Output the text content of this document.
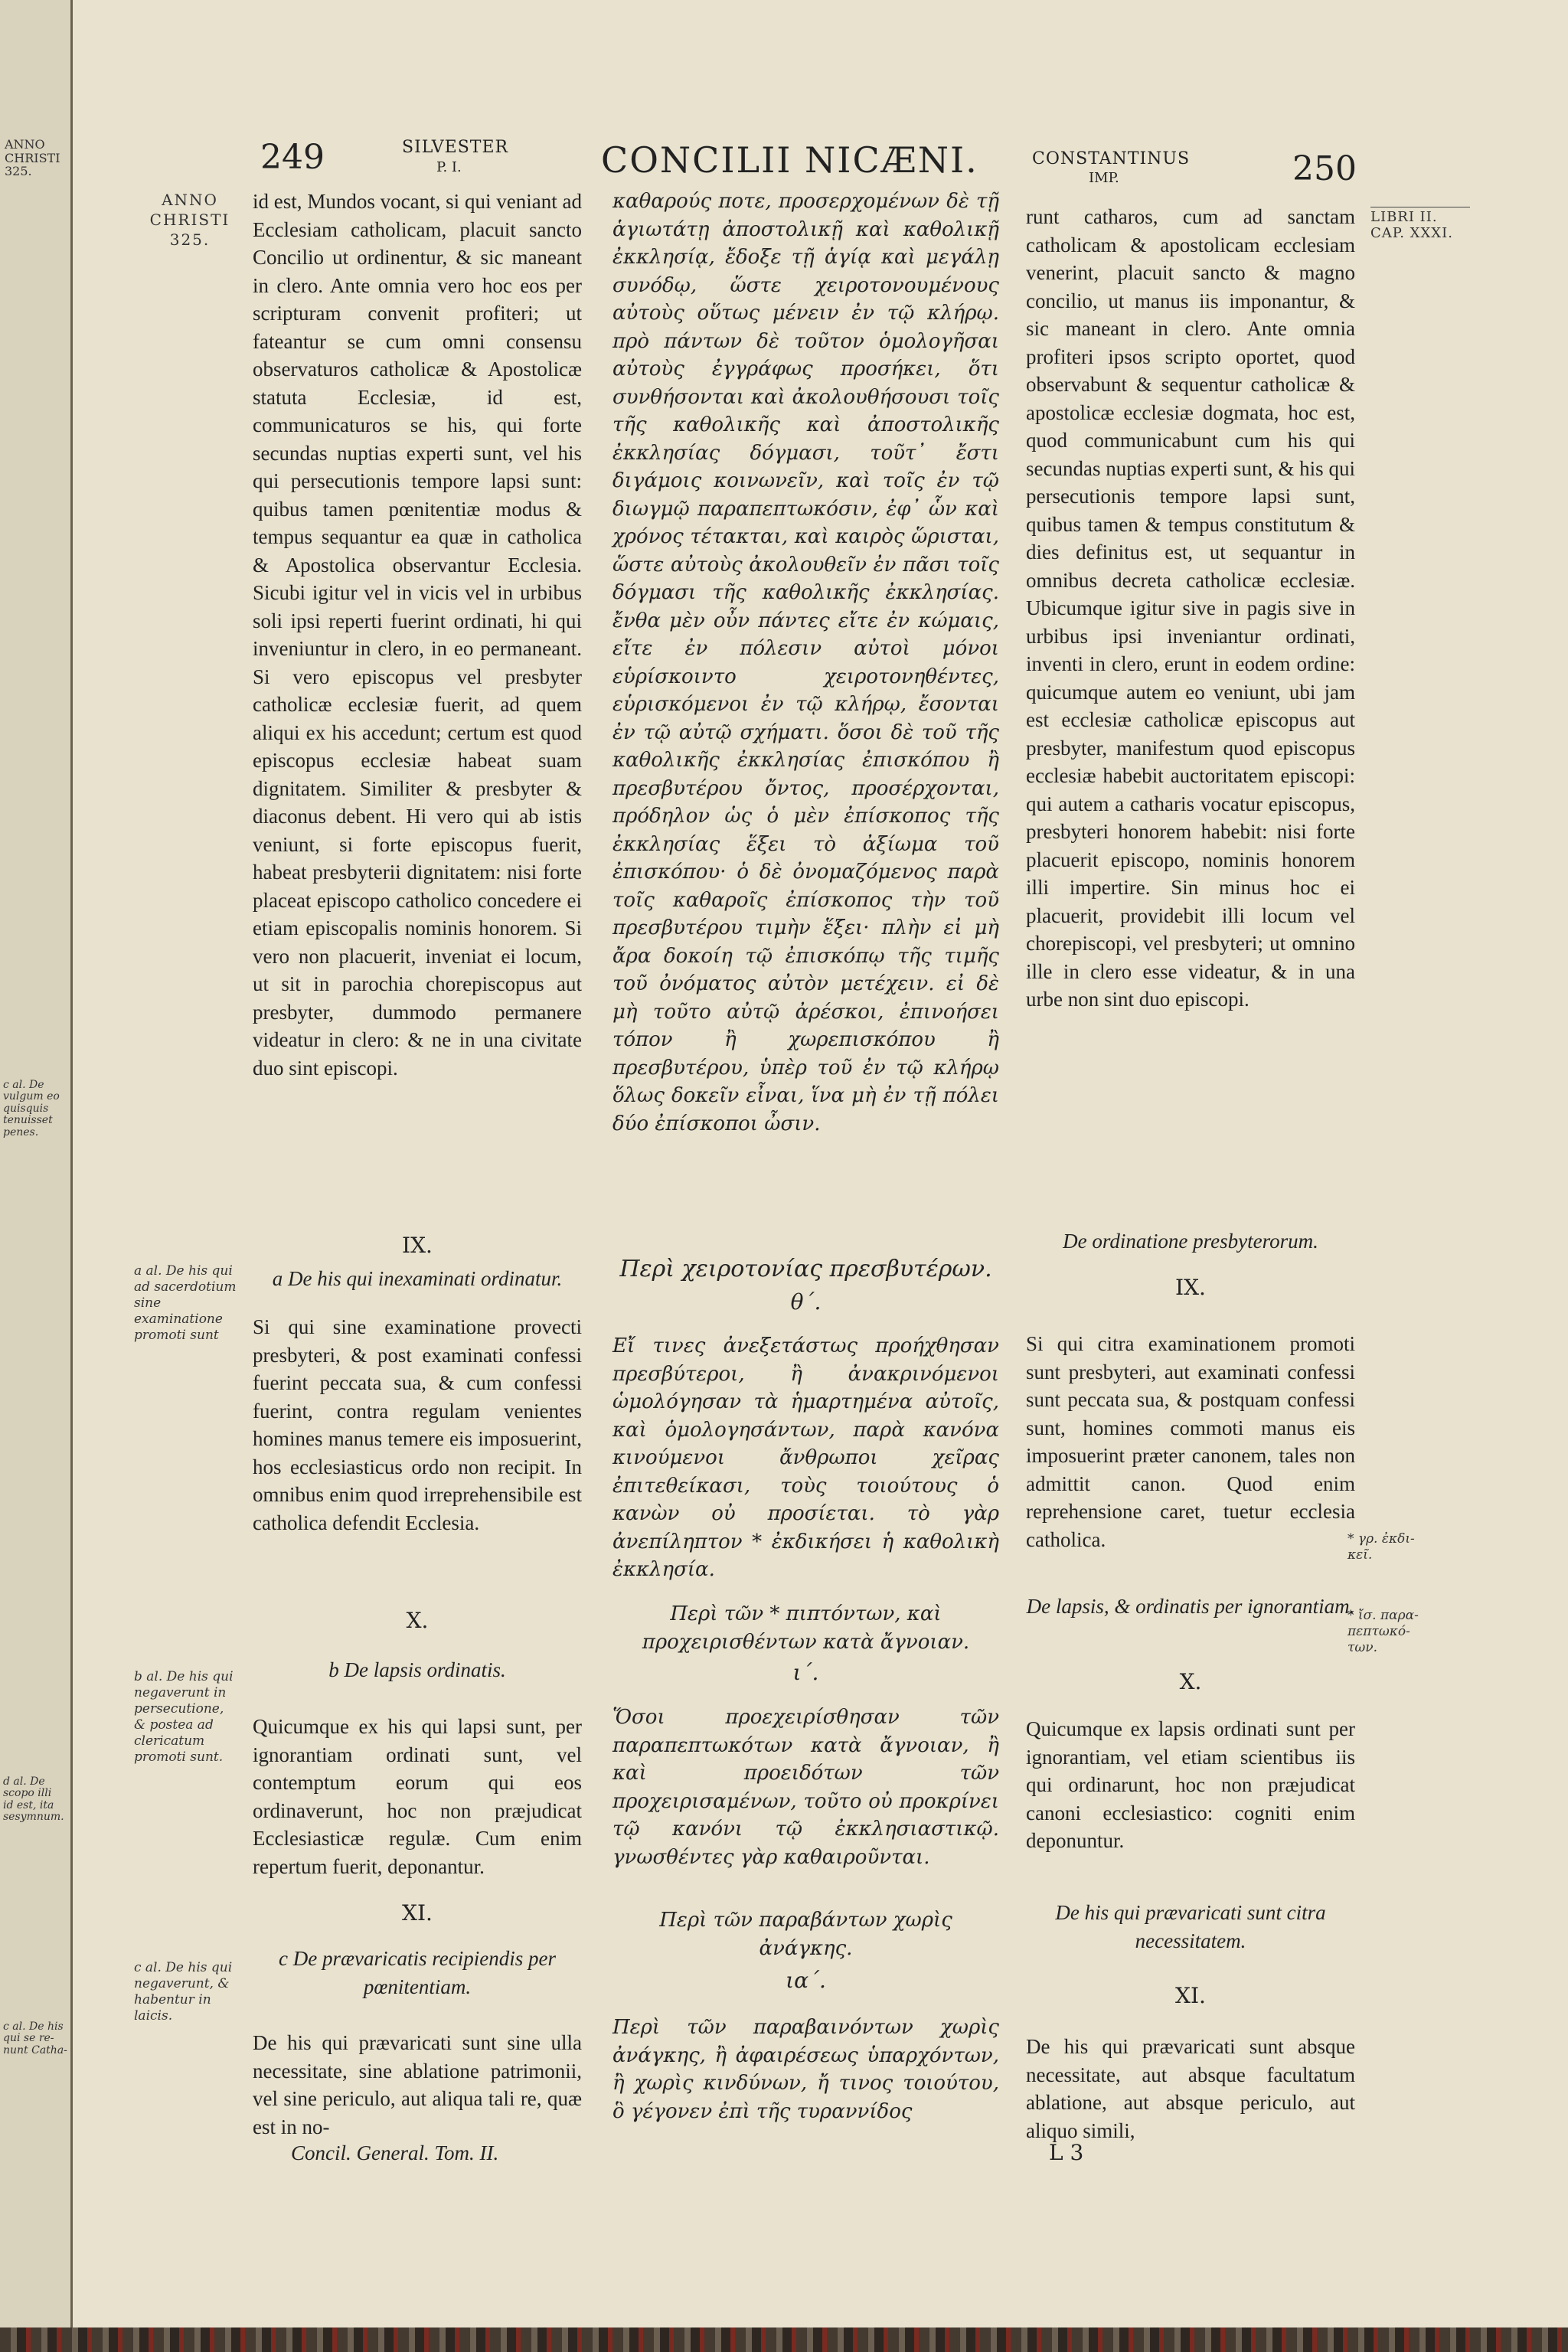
ANNO
CHRISTI
325.
c al. De
vulgum eo
quisquis
tenuisset
penes.
d al. De
scopo illi
id est, ita
sesymnum.
c al. De his
qui se re-
nunt Catha-
249	SILVESTER
P. I.	CONCILII NICÆNI.	CONSTANTINUS
IMP.	250
ANNO
CHRISTI
325.
LIBRI II.
CAP. XXXI.
a al. De his qui ad sacerdotium sine examinatione promoti sunt
b al. De his qui negaverunt in persecutione, & postea ad clericatum promoti sunt.
c al. De his qui negaverunt, & habentur in laicis.
* γρ. ἐκδι-
κεῖ.
* ἴσ. παρα-
πεπτωκό-
των.
id est, Mundos vocant, si qui veniant ad Ecclesiam catholicam, placuit sancto Concilio ut ordinentur, & sic maneant in clero. Ante omnia vero hoc eos per scripturam convenit profiteri; ut fateantur se cum omni consensu observaturos catholicæ & Apostolicæ statuta Ecclesiæ, id est, communicaturos se his, qui forte secundas nuptias experti sunt, vel his qui persecutionis tempore lapsi sunt: quibus tamen pœnitentiæ modus & tempus sequantur ea quæ in catholica & Apostolica observantur Ecclesia. Sicubi igitur vel in vicis vel in urbibus soli ipsi reperti fuerint ordinati, hi qui inveniuntur in clero, in eo permaneant. Si vero episcopus vel presbyter catholicæ ecclesiæ fuerit, ad quem aliqui ex his accedunt; certum est quod episcopus ecclesiæ habeat suam dignitatem. Similiter & presbyter & diaconus debent. Hi vero qui ab istis veniunt, si forte episcopus fuerit, habeat presbyterii dignitatem: nisi forte placeat episcopo catholico concedere ei etiam episcopalis nominis honorem. Si vero non placuerit, inveniat ei locum, ut sit in parochia chorepiscopus aut presbyter, dummodo permanere videatur in clero: & ne in una civitate duo sint episcopi.
IX.
a De his qui inexaminati ordinatur.
Si qui sine examinatione provecti presbyteri, & post examinati confessi fuerint peccata sua, & cum confessi fuerint, contra regulam venientes homines manus temere eis imposuerint, hos ecclesiasticus ordo non recipit. In omnibus enim quod irreprehensibile est catholica defendit Ecclesia.
X.
b De lapsis ordinatis.
Quicumque ex his qui lapsi sunt, per ignorantiam ordinati sunt, vel contemptum eorum qui eos ordinaverunt, hoc non præjudicat Ecclesiasticæ regulæ. Cum enim repertum fuerit, deponantur.
XI.
c De prævaricatis recipiendis per pœnitentiam.
De his qui prævaricati sunt sine ulla necessitate, sine ablatione patrimonii, vel sine periculo, aut aliqua tali re, quæ est in no-
Concil. General. Tom. II.
καθαρούς ποτε, προσερχομένων δὲ τῇ ἁγιωτάτῃ ἀποστολικῇ καὶ καθολικῇ ἐκκλησίᾳ, ἔδοξε τῇ ἁγίᾳ καὶ μεγάλῃ συνόδῳ, ὥστε χειροτονουμένους αὐτοὺς οὕτως μένειν ἐν τῷ κλήρῳ. πρὸ πάντων δὲ τοῦτον ὁμολογῆσαι αὐτοὺς ἐγγράφως προσήκει, ὅτι συνθήσονται καὶ ἀκολουθήσουσι τοῖς τῆς καθολικῆς καὶ ἀποστολικῆς ἐκκλησίας δόγμασι, τοῦτ᾽ ἔστι διγάμοις κοινωνεῖν, καὶ τοῖς ἐν τῷ διωγμῷ παραπεπτωκόσιν, ἐφ᾽ ὧν καὶ χρόνος τέτακται, καὶ καιρὸς ὥρισται, ὥστε αὐτοὺς ἀκολουθεῖν ἐν πᾶσι τοῖς δόγμασι τῆς καθολικῆς ἐκκλησίας. ἔνθα μὲν οὖν πάντες εἴτε ἐν κώμαις, εἴτε ἐν πόλεσιν αὐτοὶ μόνοι εὑρίσκοιντο χειροτονηθέντες, εὑρισκόμενοι ἐν τῷ κλήρῳ, ἔσονται ἐν τῷ αὐτῷ σχήματι. ὅσοι δὲ τοῦ τῆς καθολικῆς ἐκκλησίας ἐπισκόπου ἢ πρεσβυτέρου ὄντος, προσέρχονται, πρόδηλον ὡς ὁ μὲν ἐπίσκοπος τῆς ἐκκλησίας ἕξει τὸ ἀξίωμα τοῦ ἐπισκόπου· ὁ δὲ ὀνομαζόμενος παρὰ τοῖς καθαροῖς ἐπίσκοπος τὴν τοῦ πρεσβυτέρου τιμὴν ἕξει· πλὴν εἰ μὴ ἄρα δοκοίη τῷ ἐπισκόπῳ τῆς τιμῆς τοῦ ὀνόματος αὐτὸν μετέχειν. εἰ δὲ μὴ τοῦτο αὐτῷ ἀρέσκοι, ἐπινοήσει τόπον ἢ χωρεπισκόπου ἢ πρεσβυτέρου, ὑπὲρ τοῦ ἐν τῷ κλήρῳ ὅλως δοκεῖν εἶναι, ἵνα μὴ ἐν τῇ πόλει δύο ἐπίσκοποι ὦσιν.
Περὶ χειροτονίας πρεσβυτέρων.
θ´.
Εἴ τινες ἀνεξετάστως προήχθησαν πρεσβύτεροι, ἢ ἀνακρινόμενοι ὡμολόγησαν τὰ ἡμαρτημένα αὐτοῖς, καὶ ὁμολογησάντων, παρὰ κανόνα κινούμενοι ἄνθρωποι χεῖρας ἐπιτεθείκασι, τοὺς τοιούτους ὁ κανὼν οὐ προσίεται. τὸ γὰρ ἀνεπίληπτον * ἐκδικήσει ἡ καθολικὴ ἐκκλησία.
Περὶ τῶν * πιπτόντων, καὶ προχειρισθέντων κατὰ ἄγνοιαν.
ι´.
Ὅσοι προεχειρίσθησαν τῶν παραπεπτωκότων κατὰ ἄγνοιαν, ἢ καὶ προειδότων τῶν προχειρισαμένων, τοῦτο οὐ προκρίνει τῷ κανόνι τῷ ἐκκλησιαστικῷ. γνωσθέντες γὰρ καθαιροῦνται.
Περὶ τῶν παραβάντων χωρὶς ἀνάγκης.
ια´.
Περὶ τῶν παραβαινόντων χωρὶς ἀνάγκης, ἢ ἀφαιρέσεως ὑπαρχόντων, ἢ χωρὶς κινδύνων, ἤ τινος τοιούτου, ὃ γέγονεν ἐπὶ τῆς τυραννίδος
runt catharos, cum ad sanctam catholicam & apostolicam ecclesiam venerint, placuit sancto & magno concilio, ut manus iis imponantur, & sic maneant in clero. Ante omnia profiteri ipsos scripto oportet, quod observabunt & sequentur catholicæ & apostolicæ ecclesiæ dogmata, hoc est, quod communicabunt cum his qui secundas nuptias experti sunt, & his qui persecutionis tempore lapsi sunt, quibus tamen & tempus constitutum & dies definitus est, ut sequantur in omnibus decreta catholicæ ecclesiæ. Ubicumque igitur sive in pagis sive in urbibus ipsi inveniantur ordinati, inventi in clero, erunt in eodem ordine: quicumque autem eo veniunt, ubi jam est ecclesiæ catholicæ episcopus aut presbyter, manifestum quod episcopus ecclesiæ habebit auctoritatem episcopi: qui autem a catharis vocatur episcopus, presbyteri honorem habebit: nisi forte placuerit episcopo, nominis honorem illi impertire. Sin minus hoc ei placuerit, providebit illi locum vel chorepiscopi, vel presbyteri; ut omnino ille in clero esse videatur, & in una urbe non sint duo episcopi.
De ordinatione presbyterorum.
IX.
Si qui citra examinationem promoti sunt presbyteri, aut examinati confessi sunt peccata sua, & postquam confessi sunt, homines commoti manus eis imposuerint præter canonem, tales non admittit canon. Quod enim reprehensione caret, tuetur ecclesia catholica.
De lapsis, & ordinatis per ignorantiam.
X.
Quicumque ex lapsis ordinati sunt per ignorantiam, vel etiam scientibus iis qui ordinarunt, hoc non præjudicat canoni ecclesiastico: cogniti enim deponuntur.
De his qui prævaricati sunt citra necessitatem.
XI.
De his qui prævaricati sunt absque necessitate, aut absque facultatum ablatione, aut absque periculo, aut aliquo simili,
L 3
